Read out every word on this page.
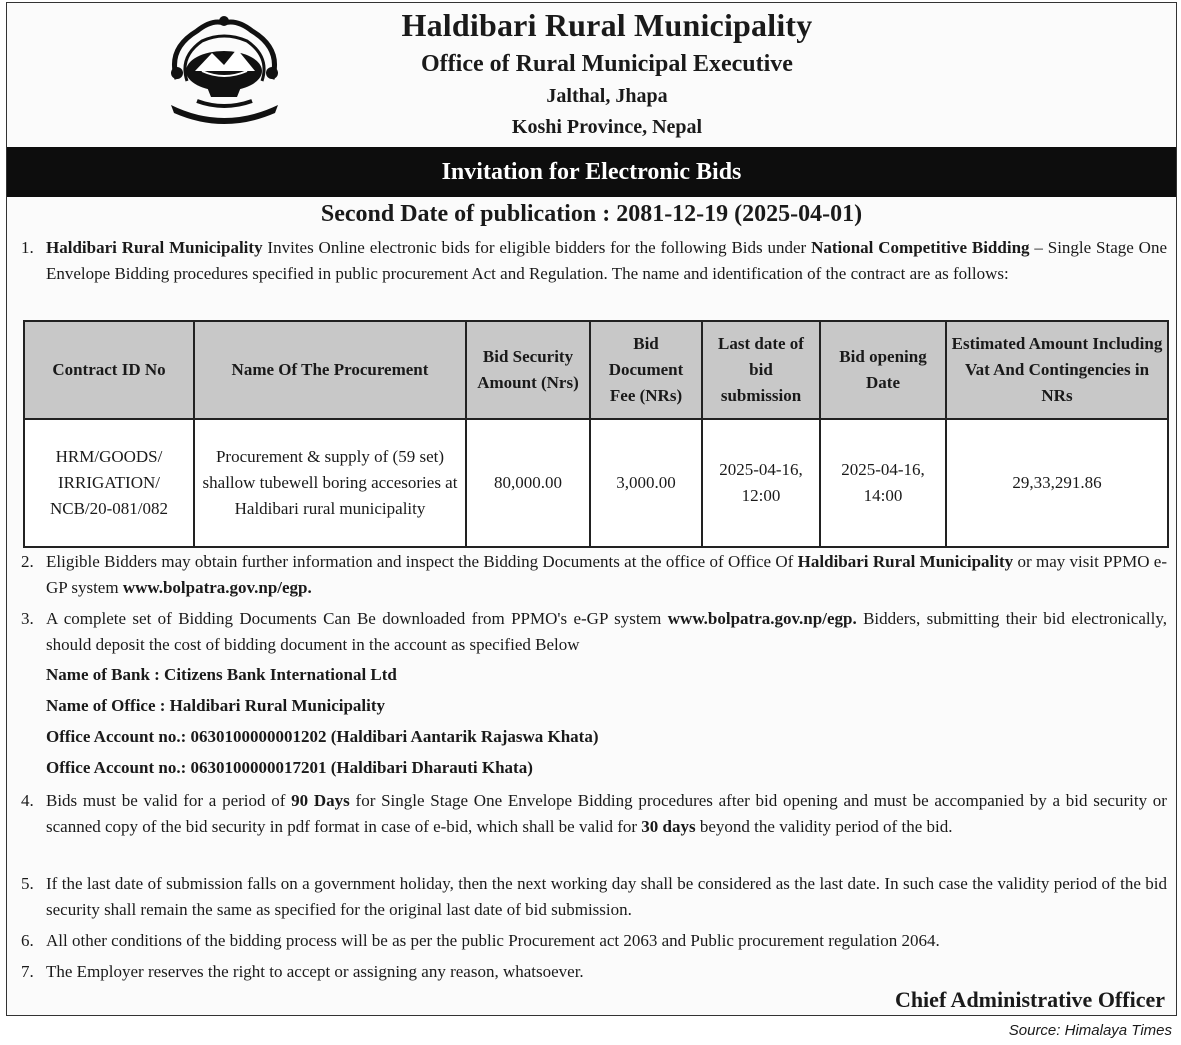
Haldibari Rural Municipality
Office of Rural Municipal Executive
Jalthal, Jhapa
Koshi Province, Nepal
Invitation for Electronic Bids
Second Date of publication : 2081-12-19 (2025-04-01)
1. Haldibari Rural Municipality Invites Online electronic bids for eligible bidders for the following Bids under National Competitive Bidding – Single Stage One Envelope Bidding procedures specified in public procurement Act and Regulation. The name and identification of the contract are as follows:
Contract ID No	Name Of The Procurement	Bid Security Amount (Nrs)	Bid Document Fee (NRs)	Last date of bid submission	Bid opening Date	Estimated Amount Including Vat And Contingencies in NRs
HRM/GOODS/ IRRIGATION/ NCB/20-081/082	Procurement & supply of (59 set) shallow tubewell boring accesories at Haldibari rural municipality	80,000.00	3,000.00	2025-04-16, 12:00	2025-04-16, 14:00	29,33,291.86
2. Eligible Bidders may obtain further information and inspect the Bidding Documents at the office of Office Of Haldibari Rural Municipality or may visit PPMO e-GP system www.bolpatra.gov.np/egp.
3. A complete set of Bidding Documents Can Be downloaded from PPMO's e-GP system www.bolpatra.gov.np/egp. Bidders, submitting their bid electronically, should deposit the cost of bidding document in the account as specified Below
Name of Bank : Citizens Bank International Ltd
Name of Office : Haldibari Rural Municipality
Office Account no.: 0630100000001202 (Haldibari Aantarik Rajaswa Khata)
Office Account no.: 0630100000017201 (Haldibari Dharauti Khata)
4. Bids must be valid for a period of 90 Days for Single Stage One Envelope Bidding procedures after bid opening and must be accompanied by a bid security or scanned copy of the bid security in pdf format in case of e-bid, which shall be valid for 30 days beyond the validity period of the bid.
5. If the last date of submission falls on a government holiday, then the next working day shall be considered as the last date. In such case the validity period of the bid security shall remain the same as specified for the original last date of bid submission.
6. All other conditions of the bidding process will be as per the public Procurement act 2063 and Public procurement regulation 2064.
7. The Employer reserves the right to accept or assigning any reason, whatsoever.
Chief Administrative Officer
Source: Himalaya Times
